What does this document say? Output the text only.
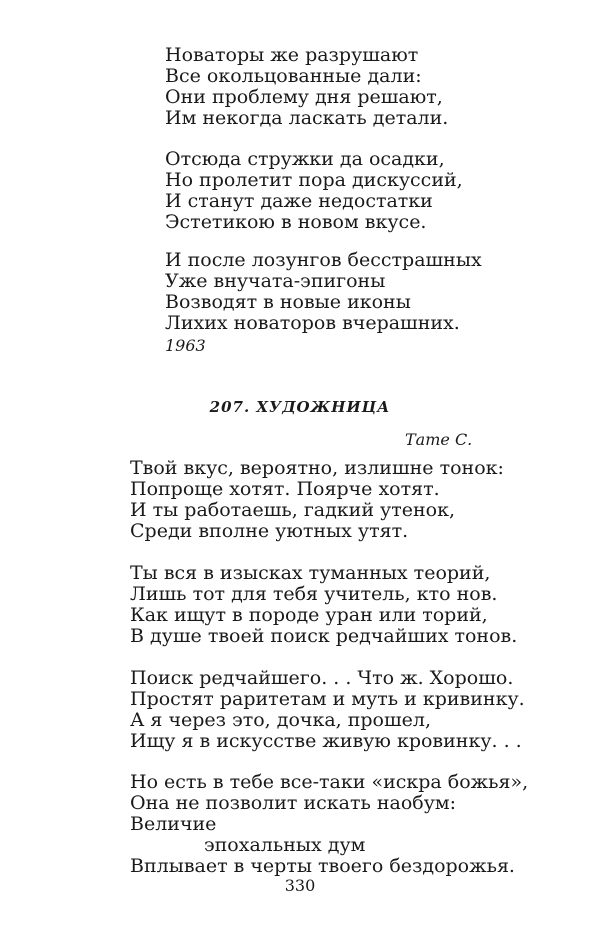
Новаторы же разрушают
Все окольцованные дали:
Они проблему дня решают,
Им некогда ласкать детали.
Отсюда стружки да осадки,
Но пролетит пора дискуссий,
И станут даже недостатки
Эстетикою в новом вкусе.
И после лозунгов бесстрашных
Уже внучата-эпигоны
Возводят в новые иконы
Лихих новаторов вчерашних.
1963
207. ХУДОЖНИЦА
Тате С.
Твой вкус, вероятно, излишне тонок:
Попроще хотят. Поярче хотят.
И ты работаешь, гадкий утенок,
Среди вполне уютных утят.
Ты вся в изысках туманных теорий,
Лишь тот для тебя учитель, кто нов.
Как ищут в породе уран или торий,
В душе твоей поиск редчайших тонов.
Поиск редчайшего. . . Что ж. Хорошо.
Простят раритетам и муть и кривинку.
А я через это, дочка, прошел,
Ищу я в искусстве живую кровинку. . .
Но есть в тебе все-таки «искра божья»,
Она не позволит искать наобум:
Величие
эпохальных дум
Вплывает в черты твоего бездорожья.
330
